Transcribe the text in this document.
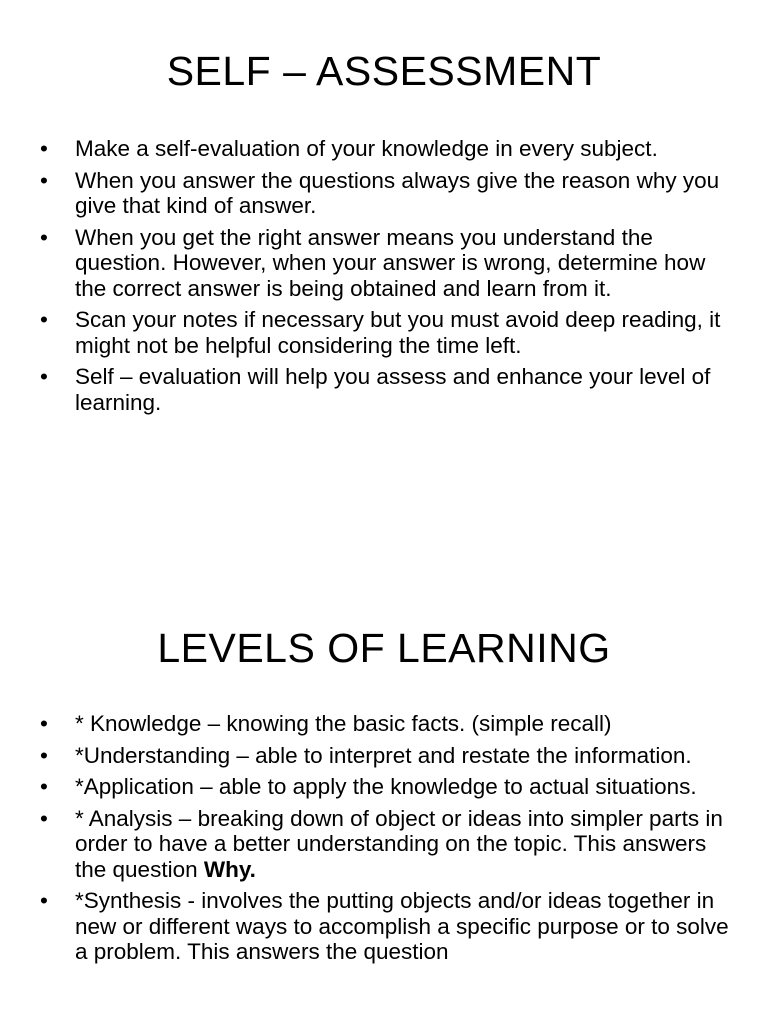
SELF – ASSESSMENT
• Make a self-evaluation of your knowledge in every subject.
• When you answer the questions always give the reason why you give that kind of answer.
• When you get the right answer means you understand the question. However, when your answer is wrong, determine how the correct answer is being obtained and learn from it.
• Scan your notes if necessary but you must avoid deep reading, it might not be helpful considering the time left.
• Self – evaluation will help you assess and enhance your level of learning.
LEVELS OF LEARNING
• * Knowledge – knowing the basic facts. (simple recall)
• *Understanding – able to interpret and restate the information.
• *Application – able to apply the knowledge to actual situations.
• * Analysis – breaking down of object or ideas into simpler parts in order to have a better understanding on the topic. This answers the question Why.
• *Synthesis - involves the putting objects and/or ideas together in new or different ways to accomplish a specific purpose or to solve a problem. This answers the question
